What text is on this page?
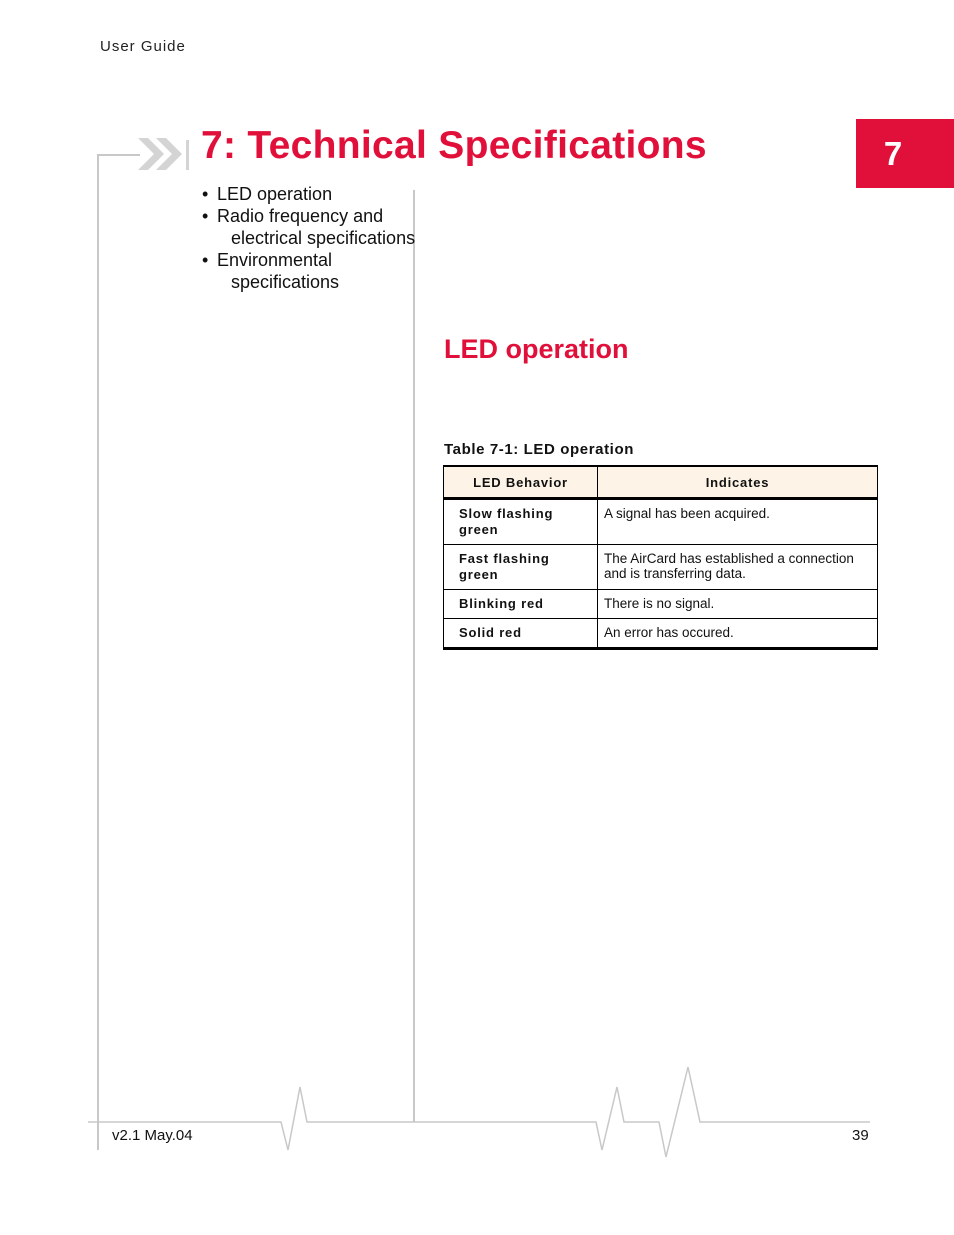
User Guide
7
7: Technical Specifications
• LED operation
• Radio frequency and electrical specifications
• Environmental specifications
LED operation
Table 7-1: LED operation
LED Behavior	Indicates
Slow flashing green	A signal has been acquired.
Fast flashing green	The AirCard has established a connection and is transferring data.
Blinking red	There is no signal.
Solid red	An error has occured.
v2.1 May.04	39
